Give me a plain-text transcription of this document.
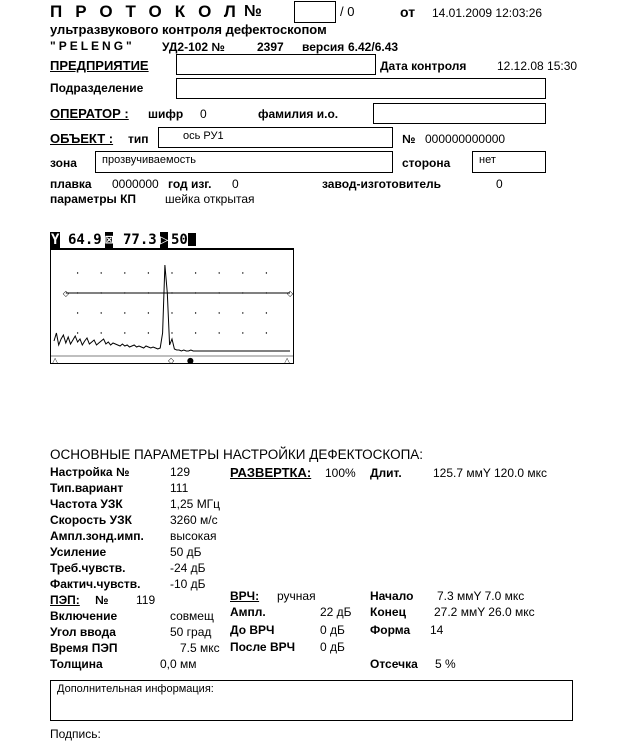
ПРОТОКОЛ
№	/ 0	от 14.01.2009 12:03:26
ультразвукового контроля дефектоскопом
"PELENG" УД2-102 №	2397 версия 6.42/6.43
ПРЕДПРИЯТИЕ	Дата контроля	12.12.08 15:30
Подразделение
ОПЕРАТОР : шифр 0	фамилия и.о.
ОБЪЕКТ : тип	ось РУ1	№ 000000000000
зона	прозвучиваемость	сторона	нет
плавка 0000000 год изг. 0	завод-изготовитель	0
параметры КП шейка открытая
Y 64.9 ⊠ 77.3 ▷ 50
◇	◇
△	◇ ●	△
ОСНОВНЫЕ ПАРАМЕТРЫ НАСТРОЙКИ ДЕФЕКТОСКОПА:
Настройка №	129
Тип.вариант	111
Частота УЗК	1,25 МГц
Скорость УЗК	3260 м/с
Ампл.зонд.имп. высокая
Усиление	50 дБ
Треб.чувств.	-24 дБ
Фактич.чувств. -10 дБ
РАЗВЕРТКА: 100% Длит.	125.7 ммY 120.0 мкс
ПЭП: № 119
Включение	совмещ
Угол ввода	50 град
Время ПЭП	7.5 мкс
Толщина	0,0 мм
ВРЧ: ручная
Ампл.	22 дБ
До ВРЧ	0 дБ
После ВРЧ 0 дБ
Начало 7.3 ммY 7.0 мкс
Конец 27.2 ммY 26.0 мкс
Форма 14
Отсечка 5 %
Дополнительная информация:
Подпись:
